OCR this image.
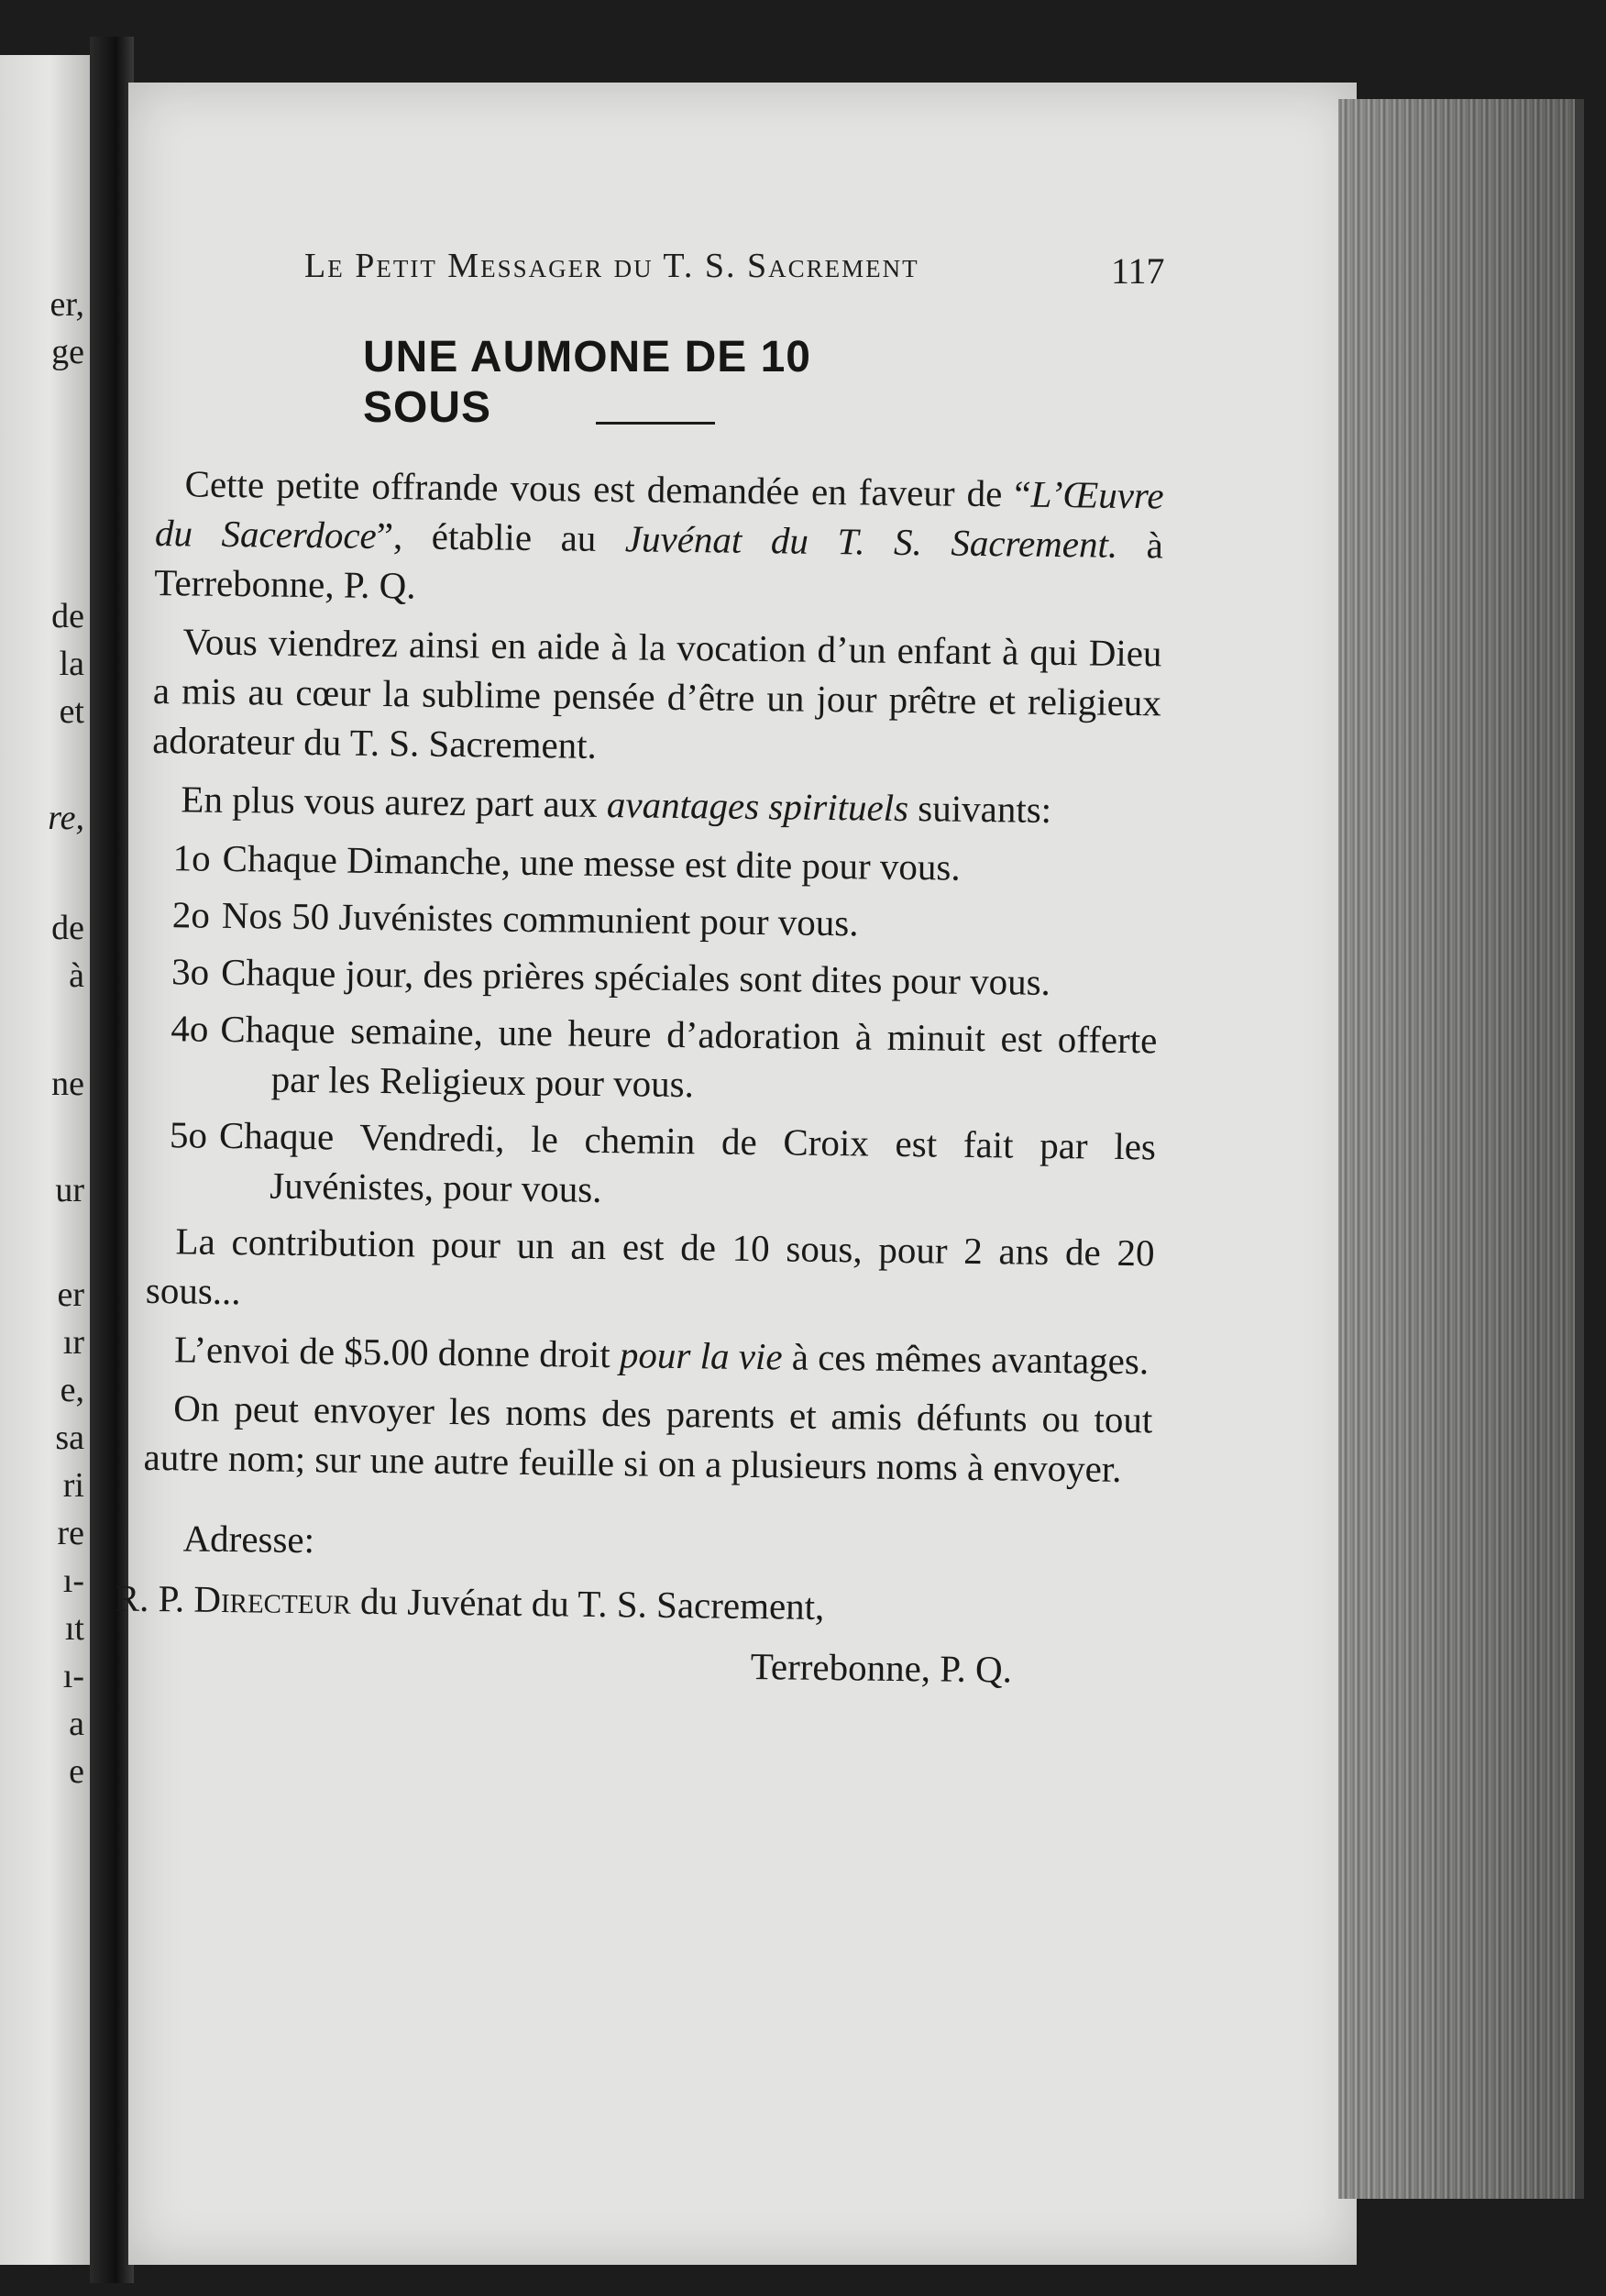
er,
ge
de
la
et
re,
de
à
ne
ur
er
ır
e,
sa
ri
re
ı-
ıt
ı-
a
e
Le Petit Messager du T. S. Sacrement	117
UNE AUMONE DE 10 SOUS

Cette petite offrande vous est demandée en faveur de “L’Œuvre du Sacerdoce”, établie au Juvénat du T. S. Sacrement. à Terrebonne, P. Q.

Vous viendrez ainsi en aide à la vocation d’un enfant à qui Dieu a mis au cœur la sublime pensée d’être un jour prêtre et religieux adorateur du T. S. Sacrement.

En plus vous aurez part aux avantages spirituels suivants:

1o Chaque Dimanche, une messe est dite pour vous.

2o Nos 50 Juvénistes communient pour vous.

3o Chaque jour, des prières spéciales sont dites pour vous.

4o Chaque semaine, une heure d’adoration à minuit est offerte par les Religieux pour vous.

5o Chaque Vendredi, le chemin de Croix est fait par les Juvénistes, pour vous.

La contribution pour un an est de 10 sous, pour 2 ans de 20 sous...

L’envoi de $5.00 donne droit pour la vie à ces mêmes avantages.

On peut envoyer les noms des parents et amis défunts ou tout autre nom; sur une autre feuille si on a plusieurs noms à envoyer.

Adresse:

R. P. Directeur du Juvénat du T. S. Sacrement,

Terrebonne, P. Q.
